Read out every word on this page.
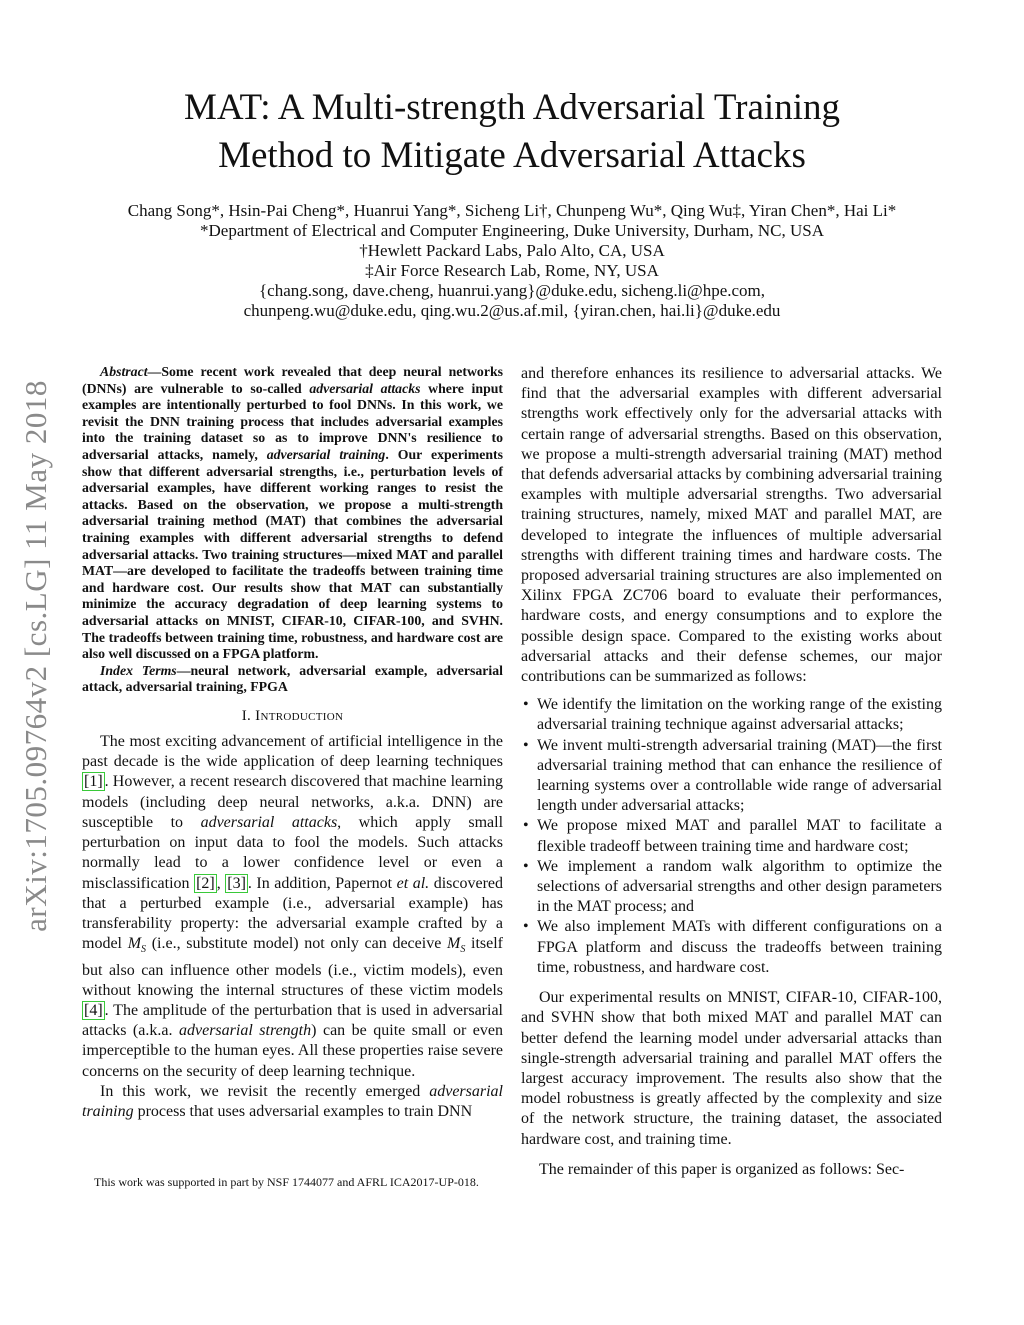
arXiv:1705.09764v2 [cs.LG] 11 May 2018
MAT: A Multi-strength Adversarial Training
Method to Mitigate Adversarial Attacks
Chang Song*, Hsin-Pai Cheng*, Huanrui Yang*, Sicheng Li†, Chunpeng Wu*, Qing Wu‡, Yiran Chen*, Hai Li*
*Department of Electrical and Computer Engineering, Duke University, Durham, NC, USA
†Hewlett Packard Labs, Palo Alto, CA, USA
‡Air Force Research Lab, Rome, NY, USA
{chang.song, dave.cheng, huanrui.yang}@duke.edu, sicheng.li@hpe.com,
chunpeng.wu@duke.edu, qing.wu.2@us.af.mil, {yiran.chen, hai.li}@duke.edu

Abstract—Some recent work revealed that deep neural networks (DNNs) are vulnerable to so-called adversarial attacks where input examples are intentionally perturbed to fool DNNs. In this work, we revisit the DNN training process that includes adversarial examples into the training dataset so as to improve DNN's resilience to adversarial attacks, namely, adversarial training. Our experiments show that different adversarial strengths, i.e., perturbation levels of adversarial examples, have different working ranges to resist the attacks. Based on the observation, we propose a multi-strength adversarial training method (MAT) that combines the adversarial training examples with different adversarial strengths to defend adversarial attacks. Two training structures—mixed MAT and parallel MAT—are developed to facilitate the tradeoffs between training time and hardware cost. Our results show that MAT can substantially minimize the accuracy degradation of deep learning systems to adversarial attacks on MNIST, CIFAR-10, CIFAR-100, and SVHN. The tradeoffs between training time, robustness, and hardware cost are also well discussed on a FPGA platform.

Index Terms—neural network, adversarial example, adversarial attack, adversarial training, FPGA

I. Introduction

The most exciting advancement of artificial intelligence in the past decade is the wide application of deep learning techniques [1] . However, a recent research discovered that machine learning models (including deep neural networks, a.k.a. DNN) are susceptible to adversarial attacks, which apply small perturbation on input data to fool the models. Such attacks normally lead to a lower confidence level or even a misclassification [2] , [3] . In addition, Papernot et al. discovered that a perturbed example (i.e., adversarial example) has transferability property: the adversarial example crafted by a model $M_S$ (i.e., substitute model) not only can deceive $M_S$ itself but also can influence other models (i.e., victim models), even without knowing the internal structures of these victim models [4] . The amplitude of the perturbation that is used in adversarial attacks (a.k.a. adversarial strength) can be quite small or even imperceptible to the human eyes. All these properties raise severe concerns on the security of deep learning technique.

In this work, we revisit the recently emerged adversarial training process that uses adversarial examples to train DNN

This work was supported in part by NSF 1744077 and AFRL ICA2017-UP-018.

and therefore enhances its resilience to adversarial attacks. We find that the adversarial examples with different adversarial strengths work effectively only for the adversarial attacks with certain range of adversarial strengths. Based on this observation, we propose a multi-strength adversarial training (MAT) method that defends adversarial attacks by combining adversarial training examples with multiple adversarial strengths. Two adversarial training structures, namely, mixed MAT and parallel MAT, are developed to integrate the influences of multiple adversarial strengths with different training times and hardware costs. The proposed adversarial training structures are also implemented on Xilinx FPGA ZC706 board to evaluate their performances, hardware costs, and energy consumptions and to explore the possible design space. Compared to the existing works about adversarial attacks and their defense schemes, our major contributions can be summarized as follows:

• We identify the limitation on the working range of the existing adversarial training technique against adversarial attacks;
• We invent multi-strength adversarial training (MAT)—the first adversarial training method that can enhance the resilience of learning systems over a controllable wide range of adversarial length under adversarial attacks;
• We propose mixed MAT and parallel MAT to facilitate a flexible tradeoff between training time and hardware cost;
• We implement a random walk algorithm to optimize the selections of adversarial strengths and other design parameters in the MAT process; and
• We also implement MATs with different configurations on a FPGA platform and discuss the tradeoffs between training time, robustness, and hardware cost.

Our experimental results on MNIST, CIFAR-10, CIFAR-100, and SVHN show that both mixed MAT and parallel MAT can better defend the learning model under adversarial attacks than single-strength adversarial training and parallel MAT offers the largest accuracy improvement. The results also show that the model robustness is greatly affected by the complexity and size of the network structure, the training dataset, the associated hardware cost, and training time.

The remainder of this paper is organized as follows: Sec-
